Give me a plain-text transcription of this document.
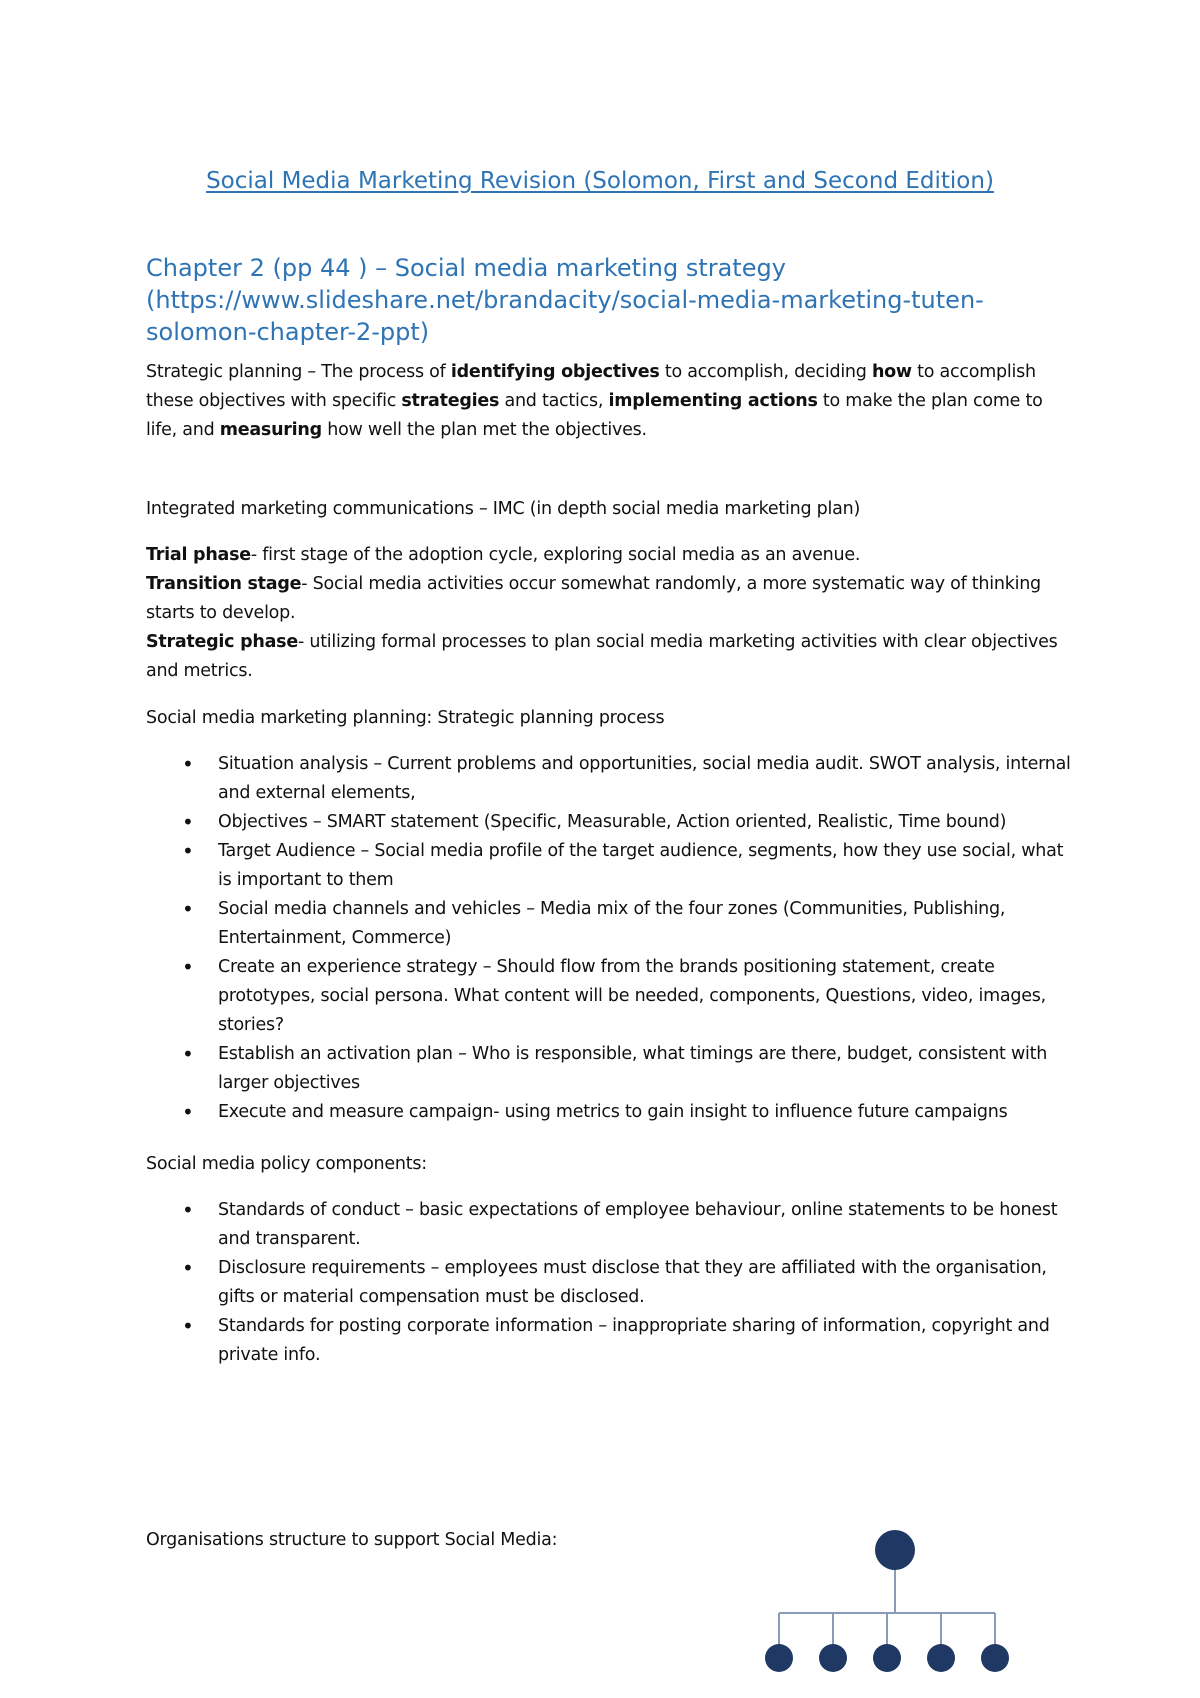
Social Media Marketing Revision (Solomon, First and Second Edition)
Chapter 2 (pp 44 ) – Social media marketing strategy
(https://www.slideshare.net/brandacity/social-media-marketing-tuten-solomon-chapter-2-ppt)

Strategic planning – The process of identifying objectives to accomplish, deciding how to accomplish these objectives with specific strategies and tactics, implementing actions to make the plan come to life, and measuring how well the plan met the objectives.

Integrated marketing communications – IMC (in depth social media marketing plan)

Trial phase- first stage of the adoption cycle, exploring social media as an avenue.
Transition stage- Social media activities occur somewhat randomly, a more systematic way of thinking starts to develop.
Strategic phase- utilizing formal processes to plan social media marketing activities with clear objectives and metrics.

Social media marketing planning: Strategic planning process

• Situation analysis – Current problems and opportunities, social media audit. SWOT analysis, internal and external elements,
• Objectives – SMART statement (Specific, Measurable, Action oriented, Realistic, Time bound)
• Target Audience – Social media profile of the target audience, segments, how they use social, what is important to them
• Social media channels and vehicles – Media mix of the four zones (Communities, Publishing, Entertainment, Commerce)
• Create an experience strategy – Should flow from the brands positioning statement, create prototypes, social persona. What content will be needed, components, Questions, video, images, stories?
• Establish an activation plan – Who is responsible, what timings are there, budget, consistent with larger objectives
• Execute and measure campaign- using metrics to gain insight to influence future campaigns

Social media policy components:

• Standards of conduct – basic expectations of employee behaviour, online statements to be honest and transparent.
• Disclosure requirements – employees must disclose that they are affiliated with the organisation, gifts or material compensation must be disclosed.
• Standards for posting corporate information – inappropriate sharing of information, copyright and private info.

Organisations structure to support Social Media:
